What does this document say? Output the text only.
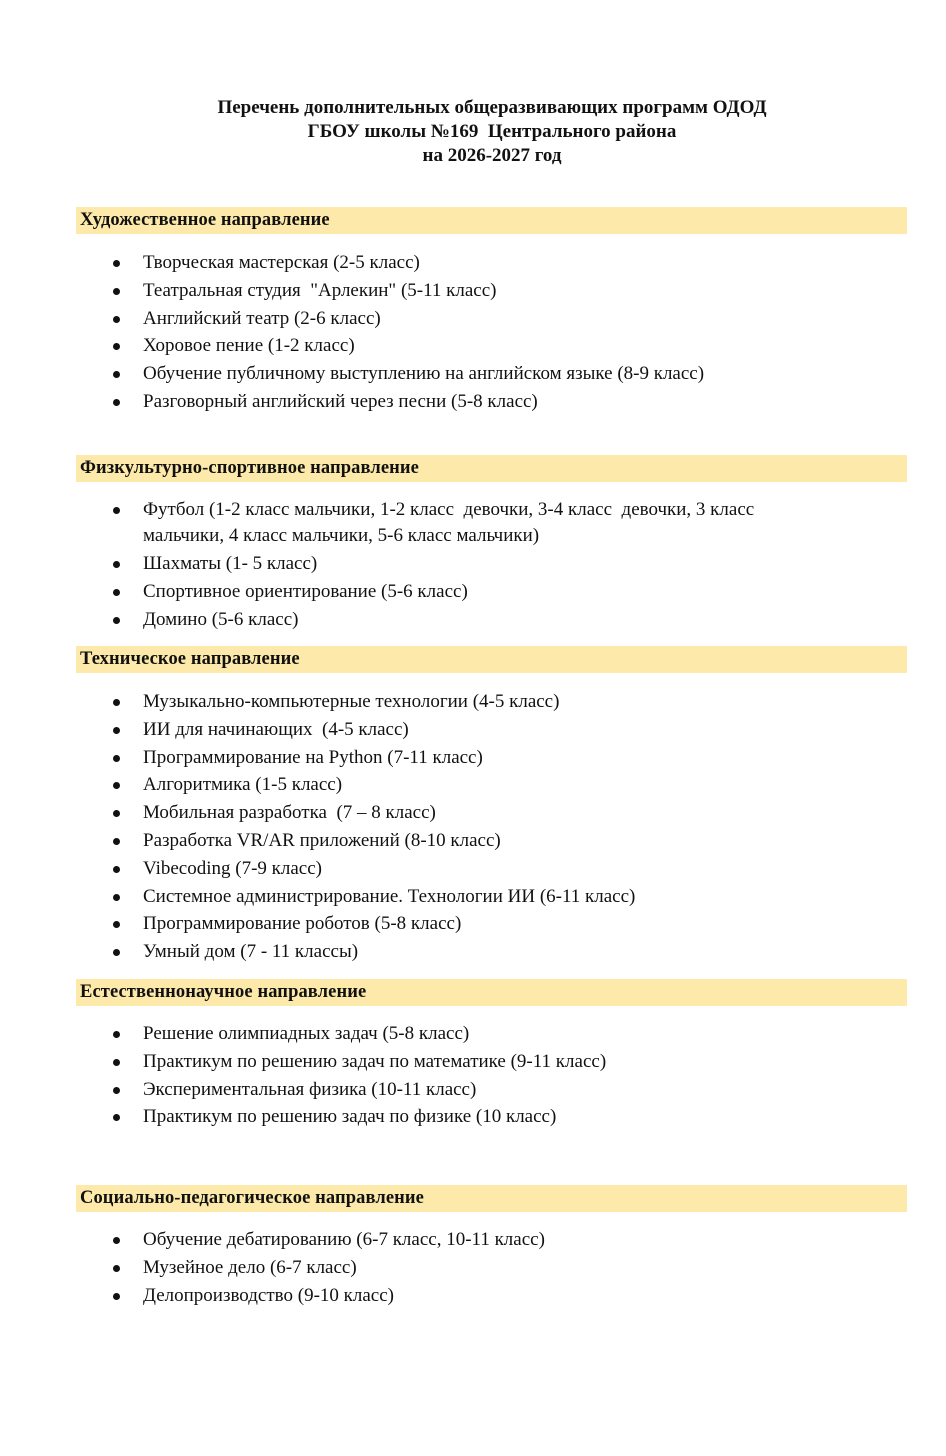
Перечень дополнительных общеразвивающих программ ОДОД
ГБОУ школы №169  Центрального района
на 2026-2027 год
Художественное направление
Творческая мастерская (2-5 класс)
Театральная студия  "Арлекин" (5-11 класс)
Английский театр (2-6 класс)
Хоровое пение (1-2 класс)
Обучение публичному выступлению на английском языке (8-9 класс)
Разговорный английский через песни (5-8 класс)
Физкультурно-спортивное направление
Футбол (1-2 класс мальчики, 1-2 класс  девочки, 3-4 класс  девочки, 3 класс мальчики, 4 класс мальчики, 5-6 класс мальчики)
Шахматы (1- 5 класс)
Спортивное ориентирование (5-6 класс)
Домино (5-6 класс)
Техническое направление
Музыкально-компьютерные технологии (4-5 класс)
ИИ для начинающих  (4-5 класс)
Программирование на Python (7-11 класс)
Алгоритмика (1-5 класс)
Мобильная разработка  (7 – 8 класс)
Разработка VR/AR приложений (8-10 класс)
Vibecoding (7-9 класс)
Системное администрирование. Технологии ИИ (6-11 класс)
Программирование роботов (5-8 класс)
Умный дом (7 - 11 классы)
Естественнонаучное направление
Решение олимпиадных задач (5-8 класс)
Практикум по решению задач по математике (9-11 класс)
Экспериментальная физика (10-11 класс)
Практикум по решению задач по физике (10 класс)
Социально-педагогическое направление
Обучение дебатированию (6-7 класс, 10-11 класс)
Музейное дело (6-7 класс)
Делопроизводство (9-10 класс)
